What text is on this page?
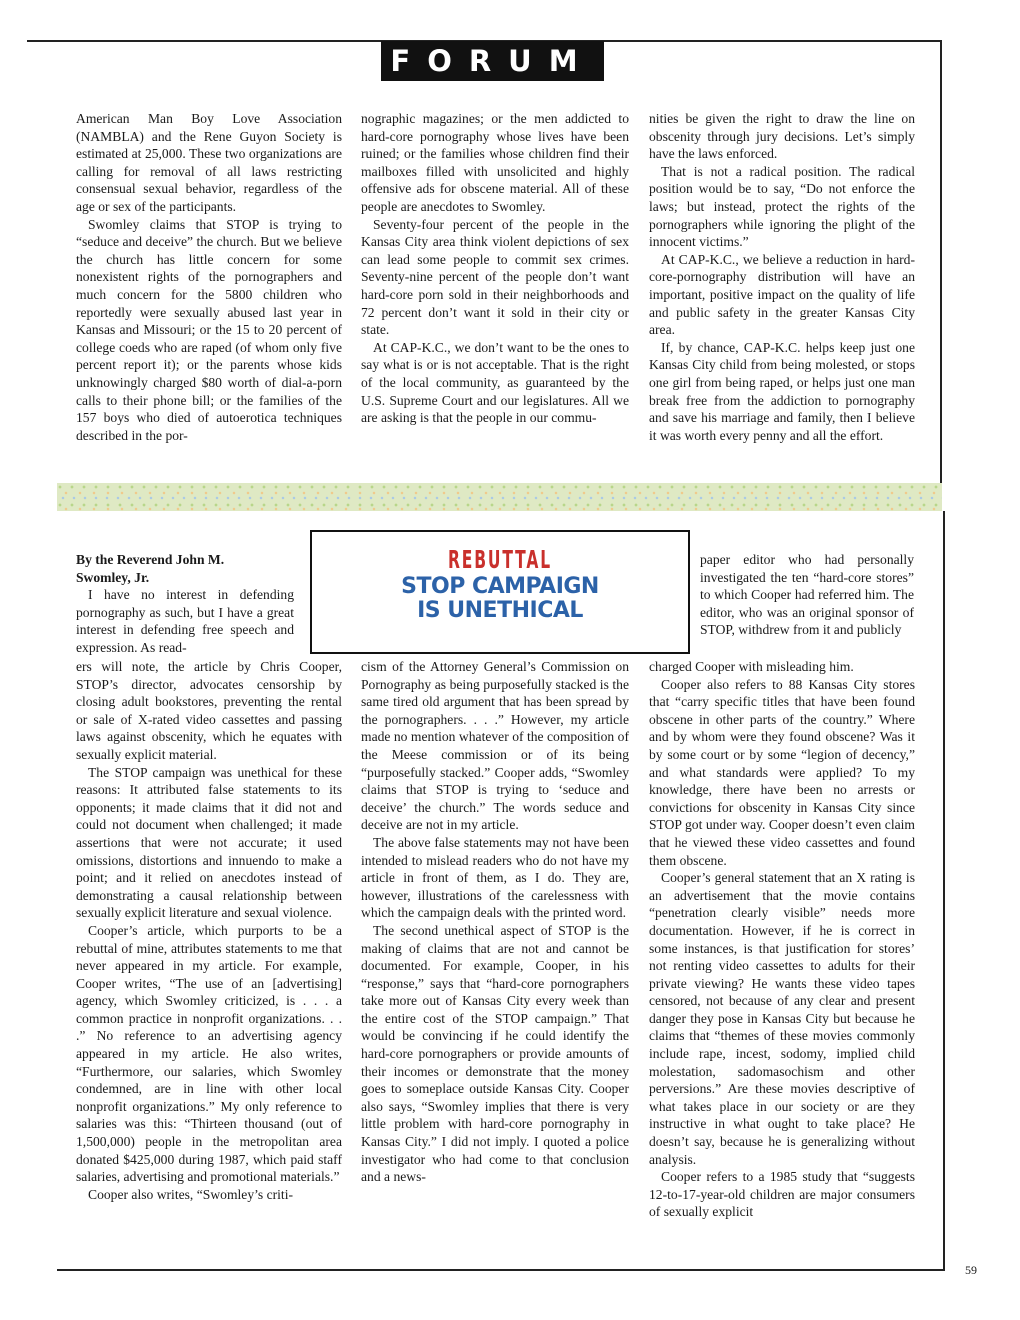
FORUM

American Man Boy Love Association (NAMBLA) and the Rene Guyon Society is estimated at 25,000. These two organizations are calling for removal of all laws restricting consensual sexual behavior, regardless of the age or sex of the participants.

Swomley claims that STOP is trying to “seduce and deceive” the church. But we believe the church has little concern for some nonexistent rights of the pornographers and much concern for the 5800 children who reportedly were sexually abused last year in Kansas and Missouri; or the 15 to 20 percent of college coeds who are raped (of whom only five percent report it); or the parents whose kids unknowingly charged $80 worth of dial-a-porn calls to their phone bill; or the families of the 157 boys who died of autoerotica techniques described in the por-

nographic magazines; or the men addicted to hard-core pornography whose lives have been ruined; or the families whose children find their mailboxes filled with unsolicited and highly offensive ads for obscene material. All of these people are anecdotes to Swomley.

Seventy-four percent of the people in the Kansas City area think violent depictions of sex can lead some people to commit sex crimes. Seventy-nine percent of the people don’t want hard-core porn sold in their neighborhoods and 72 percent don’t want it sold in their city or state.

At CAP-K.C., we don’t want to be the ones to say what is or is not acceptable. That is the right of the local community, as guaranteed by the U.S. Supreme Court and our legislatures. All we are asking is that the people in our commu-

nities be given the right to draw the line on obscenity through jury decisions. Let’s simply have the laws enforced.

That is not a radical position. The radical position would be to say, “Do not enforce the laws; but instead, protect the rights of the pornographers while ignoring the plight of the innocent victims.”

At CAP-K.C., we believe a reduction in hard-core-pornography distribution will have an important, positive impact on the quality of life and public safety in the greater Kansas City area.

If, by chance, CAP-K.C. helps keep just one Kansas City child from being molested, or stops one girl from being raped, or helps just one man break free from the addiction to pornography and save his marriage and family, then I believe it was worth every penny and all the effort.

REBUTTAL
STOP CAMPAIGN
IS UNETHICAL
By the Reverend John M.
Swomley, Jr.

I have no interest in defending pornography as such, but I have a great interest in defending free speech and expression. As read-

ers will note, the article by Chris Cooper, STOP’s director, advocates censorship by closing adult bookstores, preventing the rental or sale of X-rated video cassettes and passing laws against obscenity, which he equates with sexually explicit material.

The STOP campaign was unethical for these reasons: It attributed false statements to its opponents; it made claims that it did not and could not document when challenged; it made assertions that were not accurate; it used omissions, distortions and innuendo to make a point; and it relied on anecdotes instead of demonstrating a causal relationship between sexually explicit literature and sexual violence.

Cooper’s article, which purports to be a rebuttal of mine, attributes statements to me that never appeared in my article. For example, Cooper writes, “The use of an [advertising] agency, which Swomley criticized, is . . . a common practice in nonprofit organizations. . . .” No reference to an advertising agency appeared in my article. He also writes, “Furthermore, our salaries, which Swomley condemned, are in line with other local nonprofit organizations.” My only reference to salaries was this: “Thirteen thousand (out of 1,500,000) people in the metropolitan area donated $425,000 during 1987, which paid staff salaries, advertising and promotional materials.”

Cooper also writes, “Swomley’s criti-

cism of the Attorney General’s Commission on Pornography as being purposefully stacked is the same tired old argument that has been spread by the pornographers. . . .” However, my article made no mention whatever of the composition of the Meese commission or of its being “purposefully stacked.” Cooper adds, “Swomley claims that STOP is trying to ‘seduce and deceive’ the church.” The words seduce and deceive are not in my article.

The above false statements may not have been intended to mislead readers who do not have my article in front of them, as I do. They are, however, illustrations of the carelessness with which the campaign deals with the printed word.

The second unethical aspect of STOP is the making of claims that are not and cannot be documented. For example, Cooper, in his “response,” says that “hard-core pornographers take more out of Kansas City every week than the entire cost of the STOP campaign.” That would be convincing if he could identify the hard-core pornographers or provide amounts of their incomes or demonstrate that the money goes to someplace outside Kansas City. Cooper also says, “Swomley implies that there is very little problem with hard-core pornography in Kansas City.” I did not imply. I quoted a police investigator who had come to that conclusion and a news-

paper editor who had personally investigated the ten “hard-core stores” to which Cooper had referred him. The editor, who was an original sponsor of STOP, withdrew from it and publicly

charged Cooper with misleading him.

Cooper also refers to 88 Kansas City stores that “carry specific titles that have been found obscene in other parts of the country.” Where and by whom were they found obscene? Was it by some court or by some “legion of decency,” and what standards were applied? To my knowledge, there have been no arrests or convictions for obscenity in Kansas City since STOP got under way. Cooper doesn’t even claim that he viewed these video cassettes and found them obscene.

Cooper’s general statement that an X rating is an advertisement that the movie contains “penetration clearly visible” needs more documentation. However, if he is correct in some instances, is that justification for stores’ not renting video cassettes to adults for their private viewing? He wants these video tapes censored, not because of any clear and present danger they pose in Kansas City but because he claims that “themes of these movies commonly include rape, incest, sodomy, implied child molestation, sadomasochism and other perversions.” Are these movies descriptive of what takes place in our society or are they instructive in what ought to take place? He doesn’t say, because he is generalizing without analysis.

Cooper refers to a 1985 study that “suggests 12-to-17-year-old children are major consumers of sexually explicit

59
